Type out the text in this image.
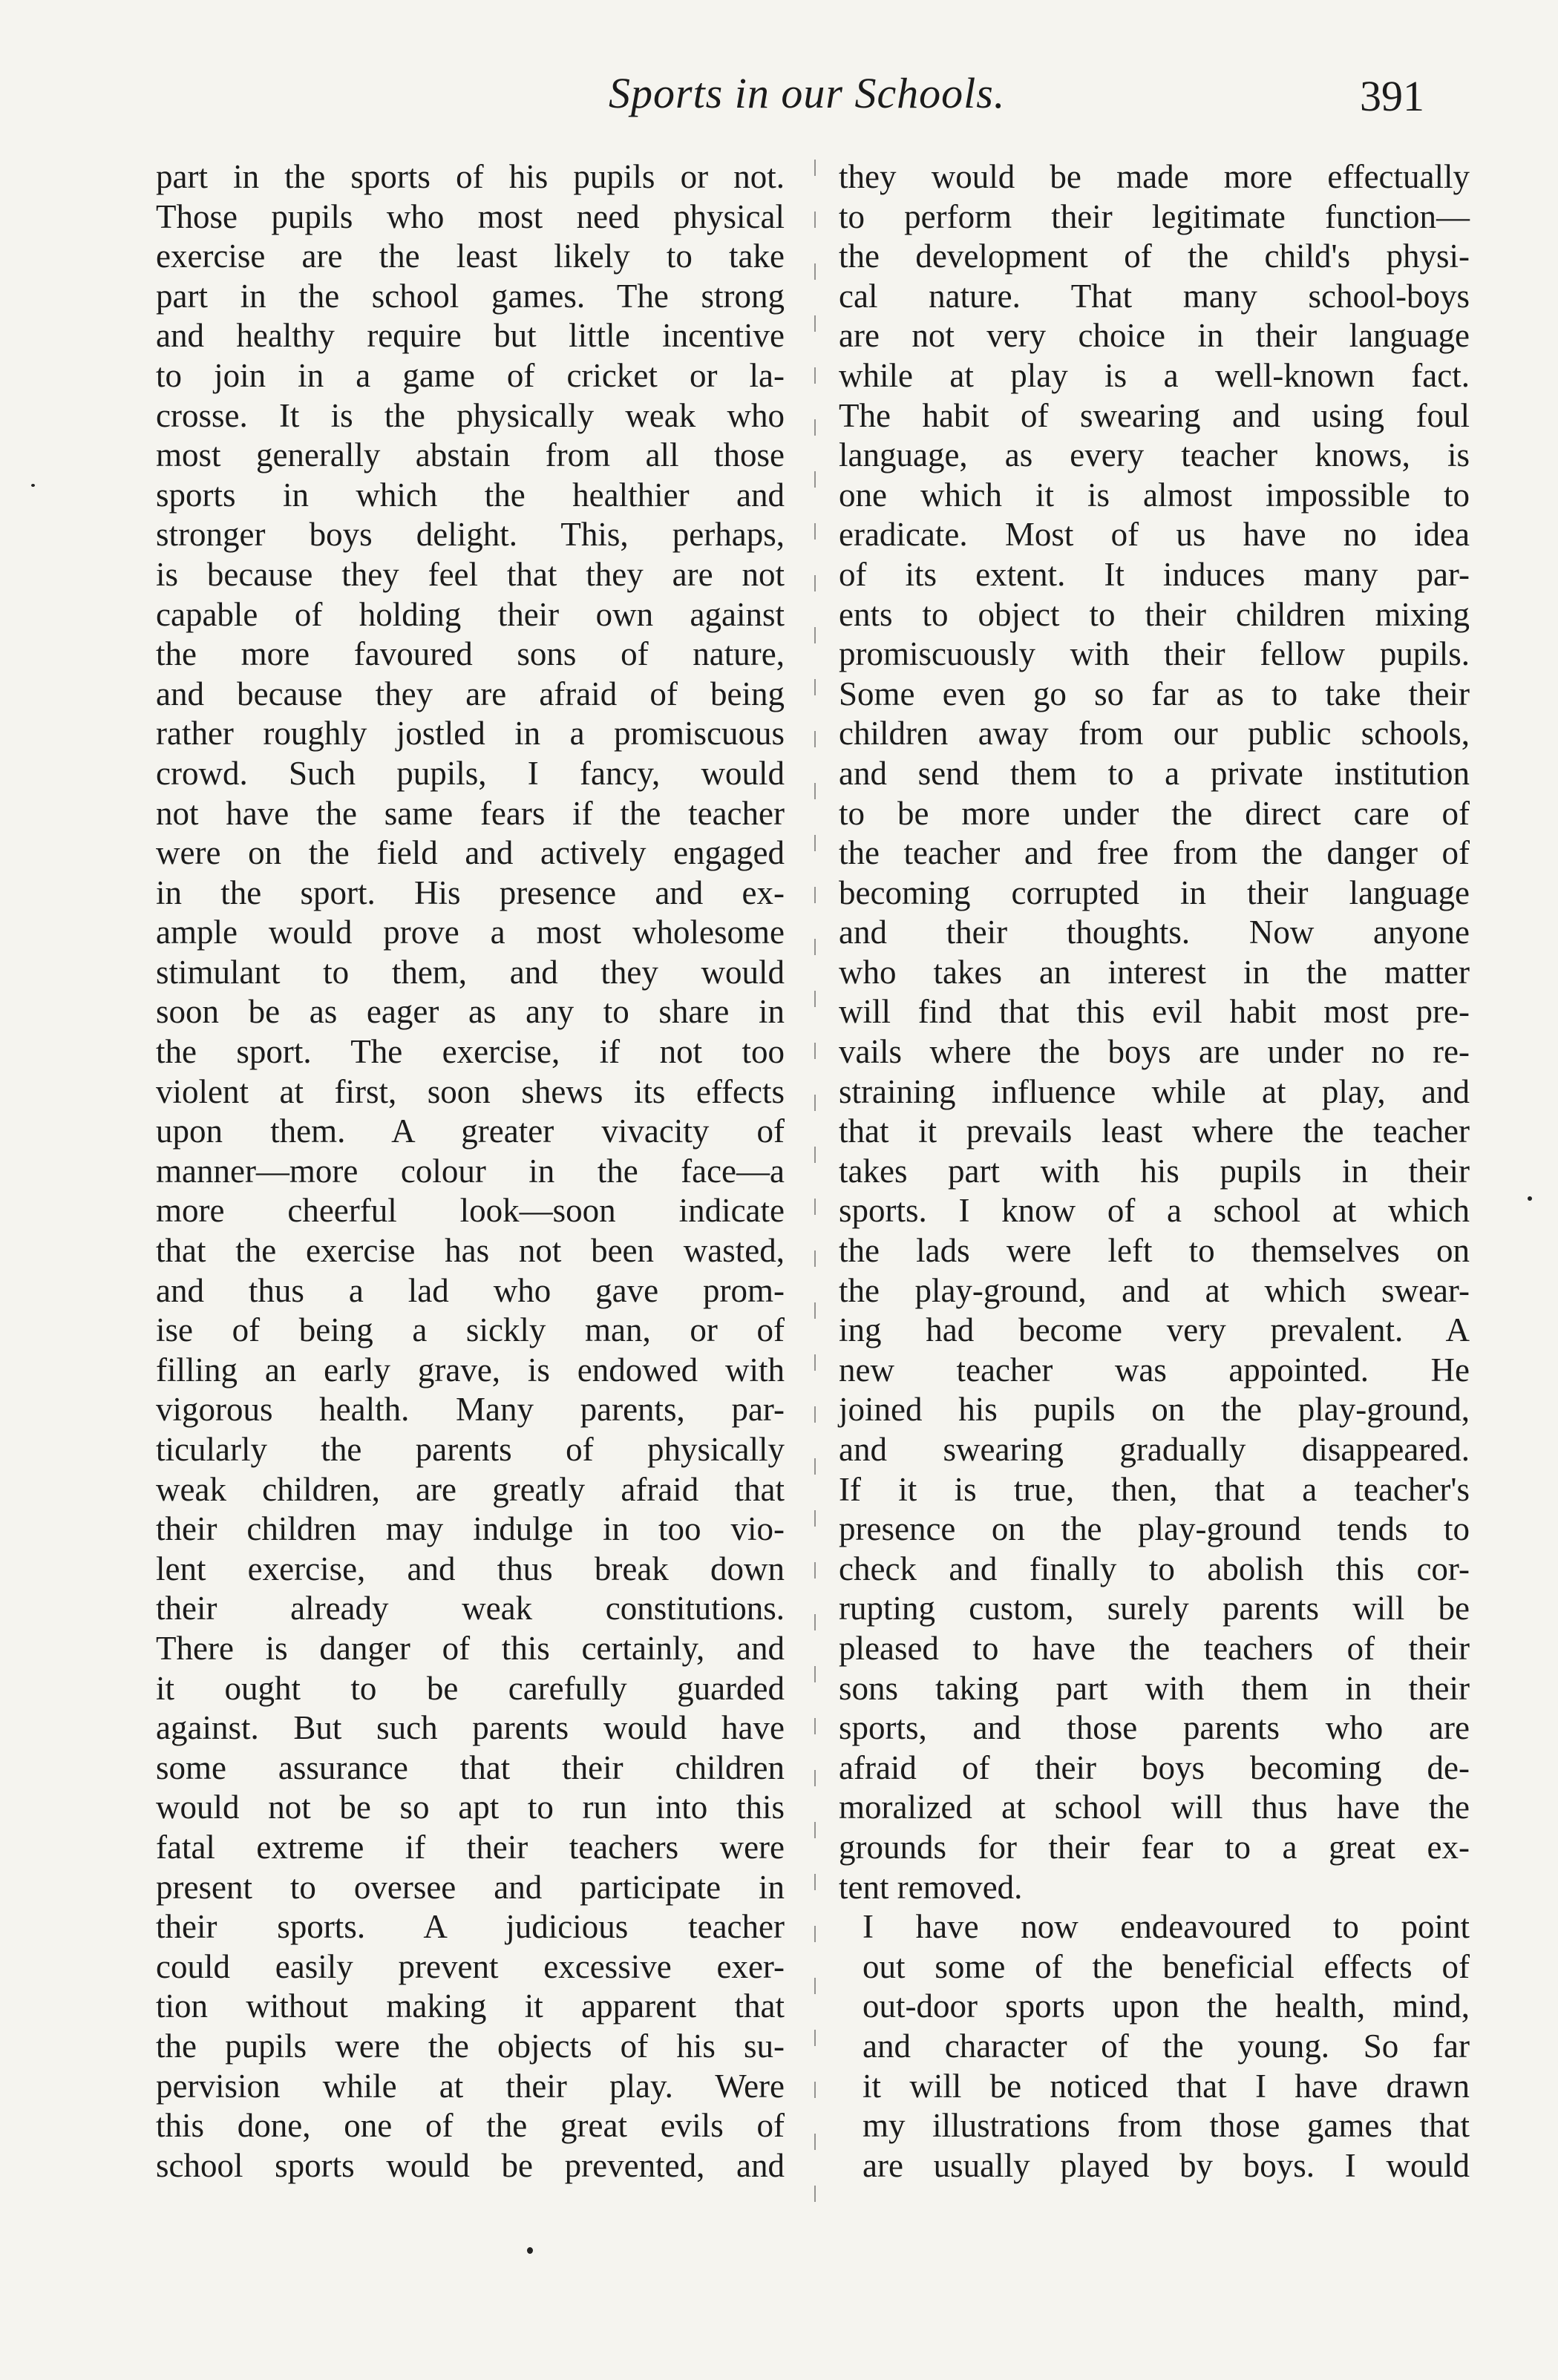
Sports in our Schools.	391

part in the sports of his pupils or not.
Those pupils who most need physical
exercise are the least likely to take
part in the school games. The strong
and healthy require but little incentive
to join in a game of cricket or la-
crosse. It is the physically weak who
most generally abstain from all those
sports in which the healthier and
stronger boys delight. This, perhaps,
is because they feel that they are not
capable of holding their own against
the more favoured sons of nature,
and because they are afraid of being
rather roughly jostled in a promiscuous
crowd. Such pupils, I fancy, would
not have the same fears if the teacher
were on the field and actively engaged
in the sport. His presence and ex-
ample would prove a most wholesome
stimulant to them, and they would
soon be as eager as any to share in
the sport. The exercise, if not too
violent at first, soon shews its effects
upon them. A greater vivacity of
manner—more colour in the face—a
more cheerful look—soon indicate
that the exercise has not been wasted,
and thus a lad who gave prom-
ise of being a sickly man, or of
filling an early grave, is endowed with
vigorous health. Many parents, par-
ticularly the parents of physically
weak children, are greatly afraid that
their children may indulge in too vio-
lent exercise, and thus break down
their already weak constitutions.
There is danger of this certainly, and
it ought to be carefully guarded
against. But such parents would have
some assurance that their children
would not be so apt to run into this
fatal extreme if their teachers were
present to oversee and participate in
their sports. A judicious teacher
could easily prevent excessive exer-
tion without making it apparent that
the pupils were the objects of his su-
pervision while at their play. Were
this done, one of the great evils of
school sports would be prevented, and

they would be made more effectually
to perform their legitimate function—
the development of the child's physi-
cal nature. That many school-boys
are not very choice in their language
while at play is a well-known fact.
The habit of swearing and using foul
language, as every teacher knows, is
one which it is almost impossible to
eradicate. Most of us have no idea
of its extent. It induces many par-
ents to object to their children mixing
promiscuously with their fellow pupils.
Some even go so far as to take their
children away from our public schools,
and send them to a private institution
to be more under the direct care of
the teacher and free from the danger of
becoming corrupted in their language
and their thoughts. Now anyone
who takes an interest in the matter
will find that this evil habit most pre-
vails where the boys are under no re-
straining influence while at play, and
that it prevails least where the teacher
takes part with his pupils in their
sports. I know of a school at which
the lads were left to themselves on
the play-ground, and at which swear-
ing had become very prevalent. A
new teacher was appointed. He
joined his pupils on the play-ground,
and swearing gradually disappeared.
If it is true, then, that a teacher's
presence on the play-ground tends to
check and finally to abolish this cor-
rupting custom, surely parents will be
pleased to have the teachers of their
sons taking part with them in their
sports, and those parents who are
afraid of their boys becoming de-
moralized at school will thus have the
grounds for their fear to a great ex-
tent removed.

I have now endeavoured to point
out some of the beneficial effects of
out-door sports upon the health, mind,
and character of the young. So far
it will be noticed that I have drawn
my illustrations from those games that
are usually played by boys. I would
